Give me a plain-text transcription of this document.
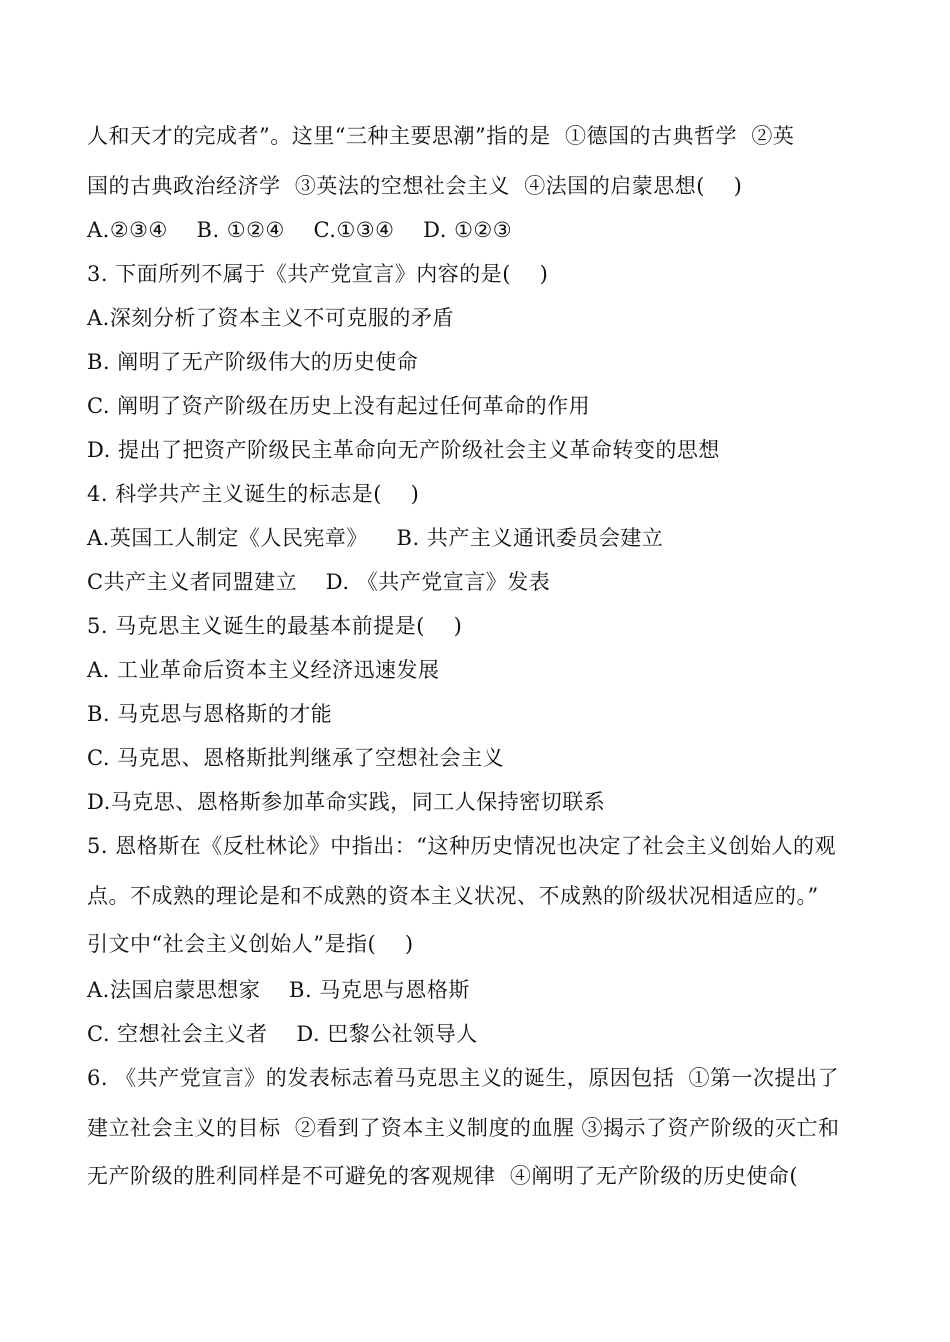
人和天才的完成者”。这里“三种主要思潮”指的是  ①德国的古典哲学  ②英
国的古典政治经济学  ③英法的空想社会主义  ④法国的启蒙思想(    )
A.②③④    B. ①②④    C.①③④    D. ①②③
3. 下面所列不属于《共产党宣言》内容的是(    )
A.深刻分析了资本主义不可克服的矛盾
B. 阐明了无产阶级伟大的历史使命
C. 阐明了资产阶级在历史上没有起过任何革命的作用
D. 提出了把资产阶级民主革命向无产阶级社会主义革命转变的思想
4. 科学共产主义诞生的标志是(    )
A.英国工人制定《人民宪章》    B. 共产主义通讯委员会建立
C共产主义者同盟建立    D. 《共产党宣言》发表
5. 马克思主义诞生的最基本前提是(    )
A. 工业革命后资本主义经济迅速发展
B. 马克思与恩格斯的才能
C. 马克思、恩格斯批判继承了空想社会主义
D.马克思、恩格斯参加革命实践，同工人保持密切联系
5. 恩格斯在《反杜林论》中指出：“这种历史情况也决定了社会主义创始人的观
点。不成熟的理论是和不成熟的资本主义状况、不成熟的阶级状况相适应的。”
引文中“社会主义创始人”是指(    )
A.法国启蒙思想家    B. 马克思与恩格斯
C. 空想社会主义者    D. 巴黎公社领导人
6. 《共产党宣言》的发表标志着马克思主义的诞生，原因包括  ①第一次提出了
建立社会主义的目标  ②看到了资本主义制度的血腥 ③揭示了资产阶级的灭亡和
无产阶级的胜利同样是不可避免的客观规律  ④阐明了无产阶级的历史使命(
